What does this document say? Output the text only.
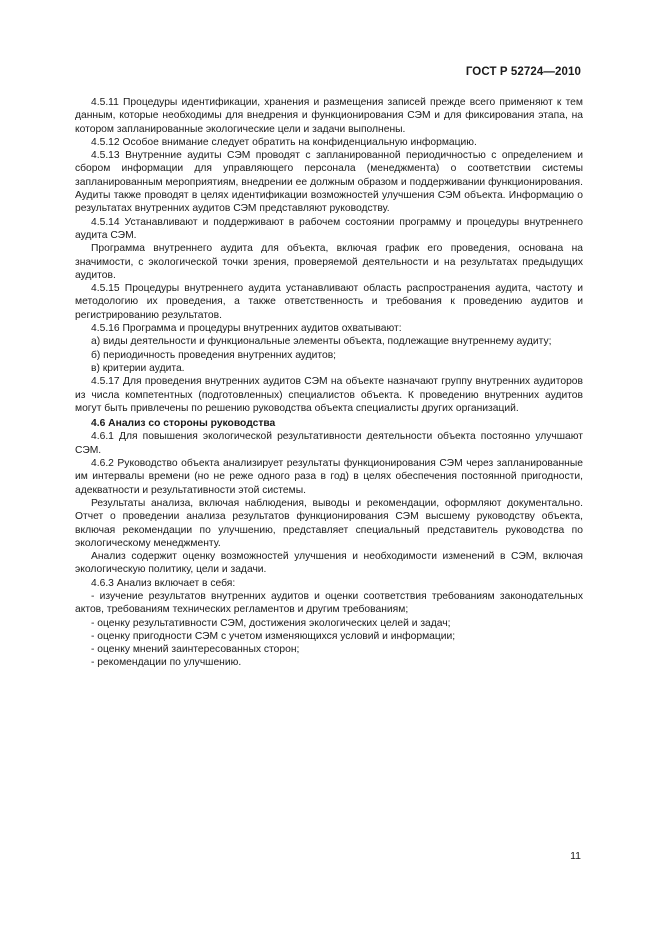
ГОСТ Р 52724—2010

4.5.11 Процедуры идентификации, хранения и размещения записей прежде всего применяют к тем данным, которые необходимы для внедрения и функционирования СЭМ и для фиксирования этапа, на котором запланированные экологические цели и задачи выполнены.

4.5.12 Особое внимание следует обратить на конфиденциальную информацию.

4.5.13 Внутренние аудиты СЭМ проводят с запланированной периодичностью с определением и сбором информации для управляющего персонала (менеджмента) о соответствии системы запланированным мероприятиям, внедрении ее должным образом и поддерживании функционирования. Аудиты также проводят в целях идентификации возможностей улучшения СЭМ объекта. Информацию о результатах внутренних аудитов СЭМ представляют руководству.

4.5.14 Устанавливают и поддерживают в рабочем состоянии программу и процедуры внутреннего аудита СЭМ.

Программа внутреннего аудита для объекта, включая график его проведения, основана на значимости, с экологической точки зрения, проверяемой деятельности и на результатах предыдущих аудитов.

4.5.15 Процедуры внутреннего аудита устанавливают область распространения аудита, частоту и методологию их проведения, а также ответственность и требования к проведению аудитов и регистрированию результатов.

4.5.16 Программа и процедуры внутренних аудитов охватывают:

а) виды деятельности и функциональные элементы объекта, подлежащие внутреннему аудиту;

б) периодичность проведения внутренних аудитов;

в) критерии аудита.

4.5.17 Для проведения внутренних аудитов СЭМ на объекте назначают группу внутренних аудиторов из числа компетентных (подготовленных) специалистов объекта. К проведению внутренних аудитов могут быть привлечены по решению руководства объекта специалисты других организаций.

4.6 Анализ со стороны руководства

4.6.1 Для повышения экологической результативности деятельности объекта постоянно улучшают СЭМ.

4.6.2 Руководство объекта анализирует результаты функционирования СЭМ через запланированные им интервалы времени (но не реже одного раза в год) в целях обеспечения постоянной пригодности, адекватности и результативности этой системы.

Результаты анализа, включая наблюдения, выводы и рекомендации, оформляют документально. Отчет о проведении анализа результатов функционирования СЭМ высшему руководству объекта, включая рекомендации по улучшению, представляет специальный представитель руководства по экологическому менеджменту.

Анализ содержит оценку возможностей улучшения и необходимости изменений в СЭМ, включая экологическую политику, цели и задачи.

4.6.3 Анализ включает в себя:

- изучение результатов внутренних аудитов и оценки соответствия требованиям законодательных актов, требованиям технических регламентов и другим требованиям;

- оценку результативности СЭМ, достижения экологических целей и задач;

- оценку пригодности СЭМ с учетом изменяющихся условий и информации;

- оценку мнений заинтересованных сторон;

- рекомендации по улучшению.

11
